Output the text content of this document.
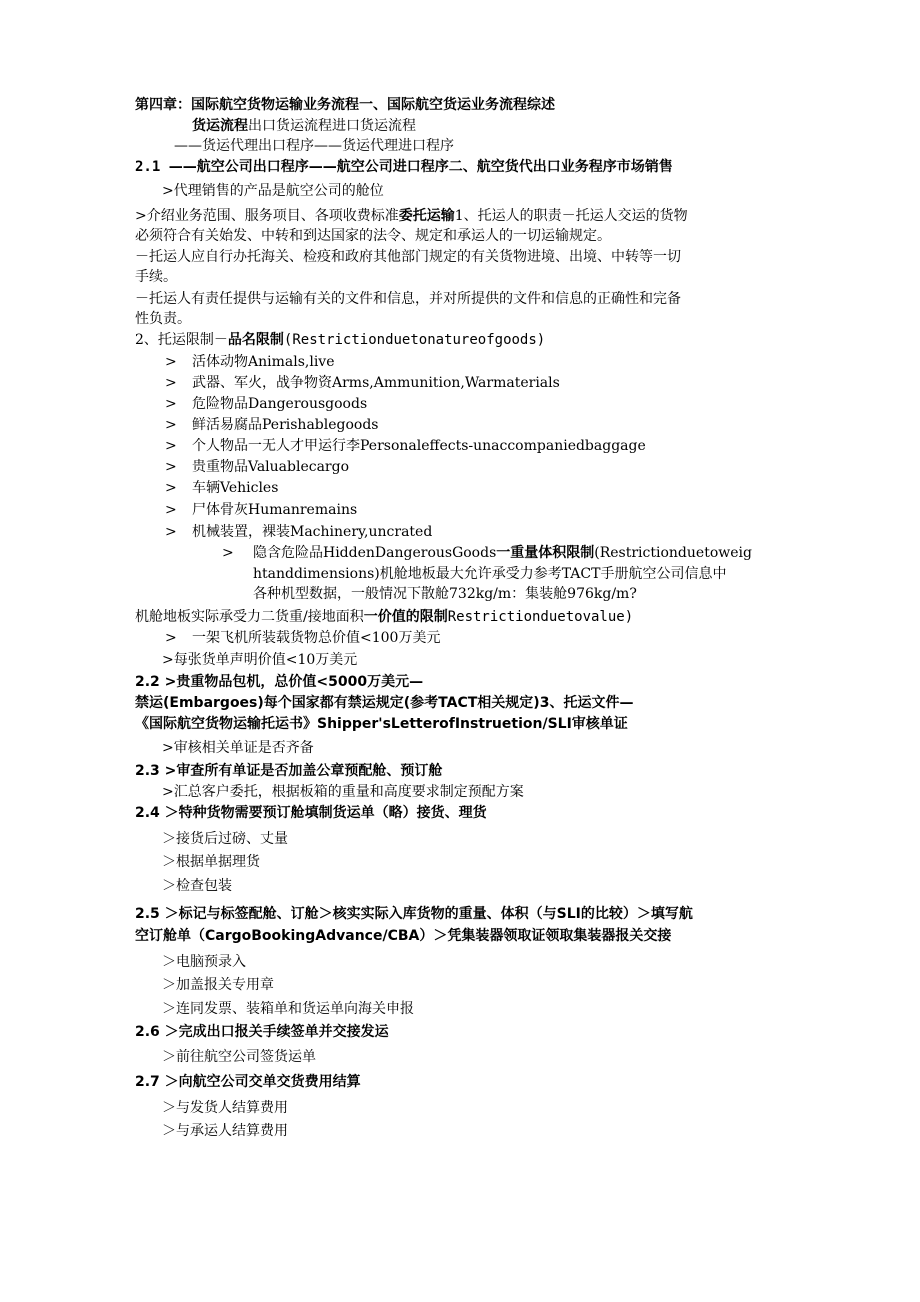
第四章：国际航空货物运输业务流程一、国际航空货运业务流程综述
货运流程出口货运流程进口货运流程
——货运代理出口程序——货运代理进口程序
2.1 ——航空公司出口程序——航空公司进口程序二、航空货代出口业务程序市场销售
>代理销售的产品是航空公司的舱位
>介绍业务范围、服务项目、各项收费标准委托运输1、托运人的职责－托运人交运的货物
必须符合有关始发、中转和到达国家的法令、规定和承运人的一切运输规定。
－托运人应自行办托海关、检疫和政府其他部门规定的有关货物进境、出境、中转等一切
手续。
－托运人有责任提供与运输有关的文件和信息，并对所提供的文件和信息的正确性和完备
性负责。
2、托运限制－品名限制(Restrictionduetonatureofgoods)
> 活体动物Animals,live
> 武器、军火，战争物资Arms,Ammunition,Warmaterials
> 危险物品Dangerousgoods
> 鲜活易腐品Perishablegoods
> 个人物品一无人才甲运行李Personaleffects-unaccompaniedbaggage
> 贵重物品Valuablecargo
> 车辆Vehicles
> 尸体骨灰Humanremains
> 机械装置，裸装Machinery,uncrated
> 隐含危险品HiddenDangerousGoods一重量体积限制(Restrictionduetoweig
htanddimensions)机舱地板最大允许承受力参考TACT手册航空公司信息中
各种机型数据，一般情况下散舱732kg/m：集装舱976kg/m?
机舱地板实际承受力二货重/接地面积一价值的限制Restrictionduetovalue)
> 一架飞机所装载货物总价值<100万美元
>每张货单声明价值<10万美元
2.2 >贵重物品包机，总价值<5000万美元—
禁运(Embargoes)每个国家都有禁运规定(参考TACT相关规定)3、托运文件—
《国际航空货物运输托运书》Shipper'sLetterofInstruetion/SLI审核单证
>审核相关单证是否齐备
2.3 >审查所有单证是否加盖公章预配舱、预订舱
>汇总客户委托，根据板箱的重量和高度要求制定预配方案
2.4 ＞特种货物需要预订舱填制货运单（略）接货、理货
＞接货后过磅、丈量
＞根据单据理货
＞检查包装
2.5 ＞标记与标签配舱、订舱＞核实实际入库货物的重量、体积（与SLI的比较）＞填写航
空订舱单（CargoBookingAdvance/CBA）＞凭集装器领取证领取集装器报关交接
＞电脑预录入
＞加盖报关专用章
＞连同发票、装箱单和货运单向海关申报
2.6 ＞完成出口报关手续签单并交接发运
＞前往航空公司签货运单
2.7 ＞向航空公司交单交货费用结算
＞与发货人结算费用
＞与承运人结算费用
